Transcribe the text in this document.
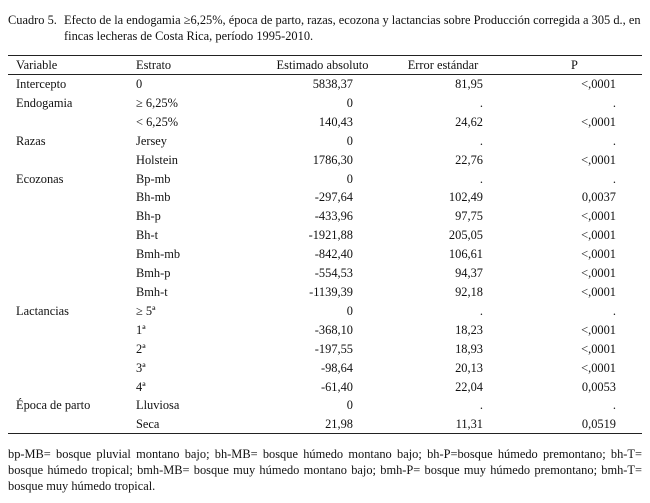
Cuadro 5. Efecto de la endogamia ≥6,25%, época de parto, razas, ecozona y lactancias sobre Producción corregida a 305 d., en fincas lecheras de Costa Rica, período 1995-2010.
Variable	Estrato	Estimado absoluto	Error estándar	P
Intercepto	0	5838,37	81,95	<,0001
Endogamia	≥ 6,25%	0	.	.
	< 6,25%	140,43	24,62	<,0001
Razas	Jersey	0	.	.
	Holstein	1786,30	22,76	<,0001
Ecozonas	Bp-mb	0	.	.
	Bh-mb	-297,64	102,49	0,0037
	Bh-p	-433,96	97,75	<,0001
	Bh-t	-1921,88	205,05	<,0001
	Bmh-mb	-842,40	106,61	<,0001
	Bmh-p	-554,53	94,37	<,0001
	Bmh-t	-1139,39	92,18	<,0001
Lactancias	≥ 5ª	0	.	.
	1ª	-368,10	18,23	<,0001
	2ª	-197,55	18,93	<,0001
	3ª	-98,64	20,13	<,0001
	4ª	-61,40	22,04	0,0053
Época de parto	Lluviosa	0	.	.
	Seca	21,98	11,31	0,0519
bp-MB= bosque pluvial montano bajo; bh-MB= bosque húmedo montano bajo; bh-P=bosque húmedo premontano; bh-T= bosque húmedo tropical; bmh-MB= bosque muy húmedo montano bajo; bmh-P= bosque muy húmedo premontano; bmh-T= bosque muy húmedo tropical.
